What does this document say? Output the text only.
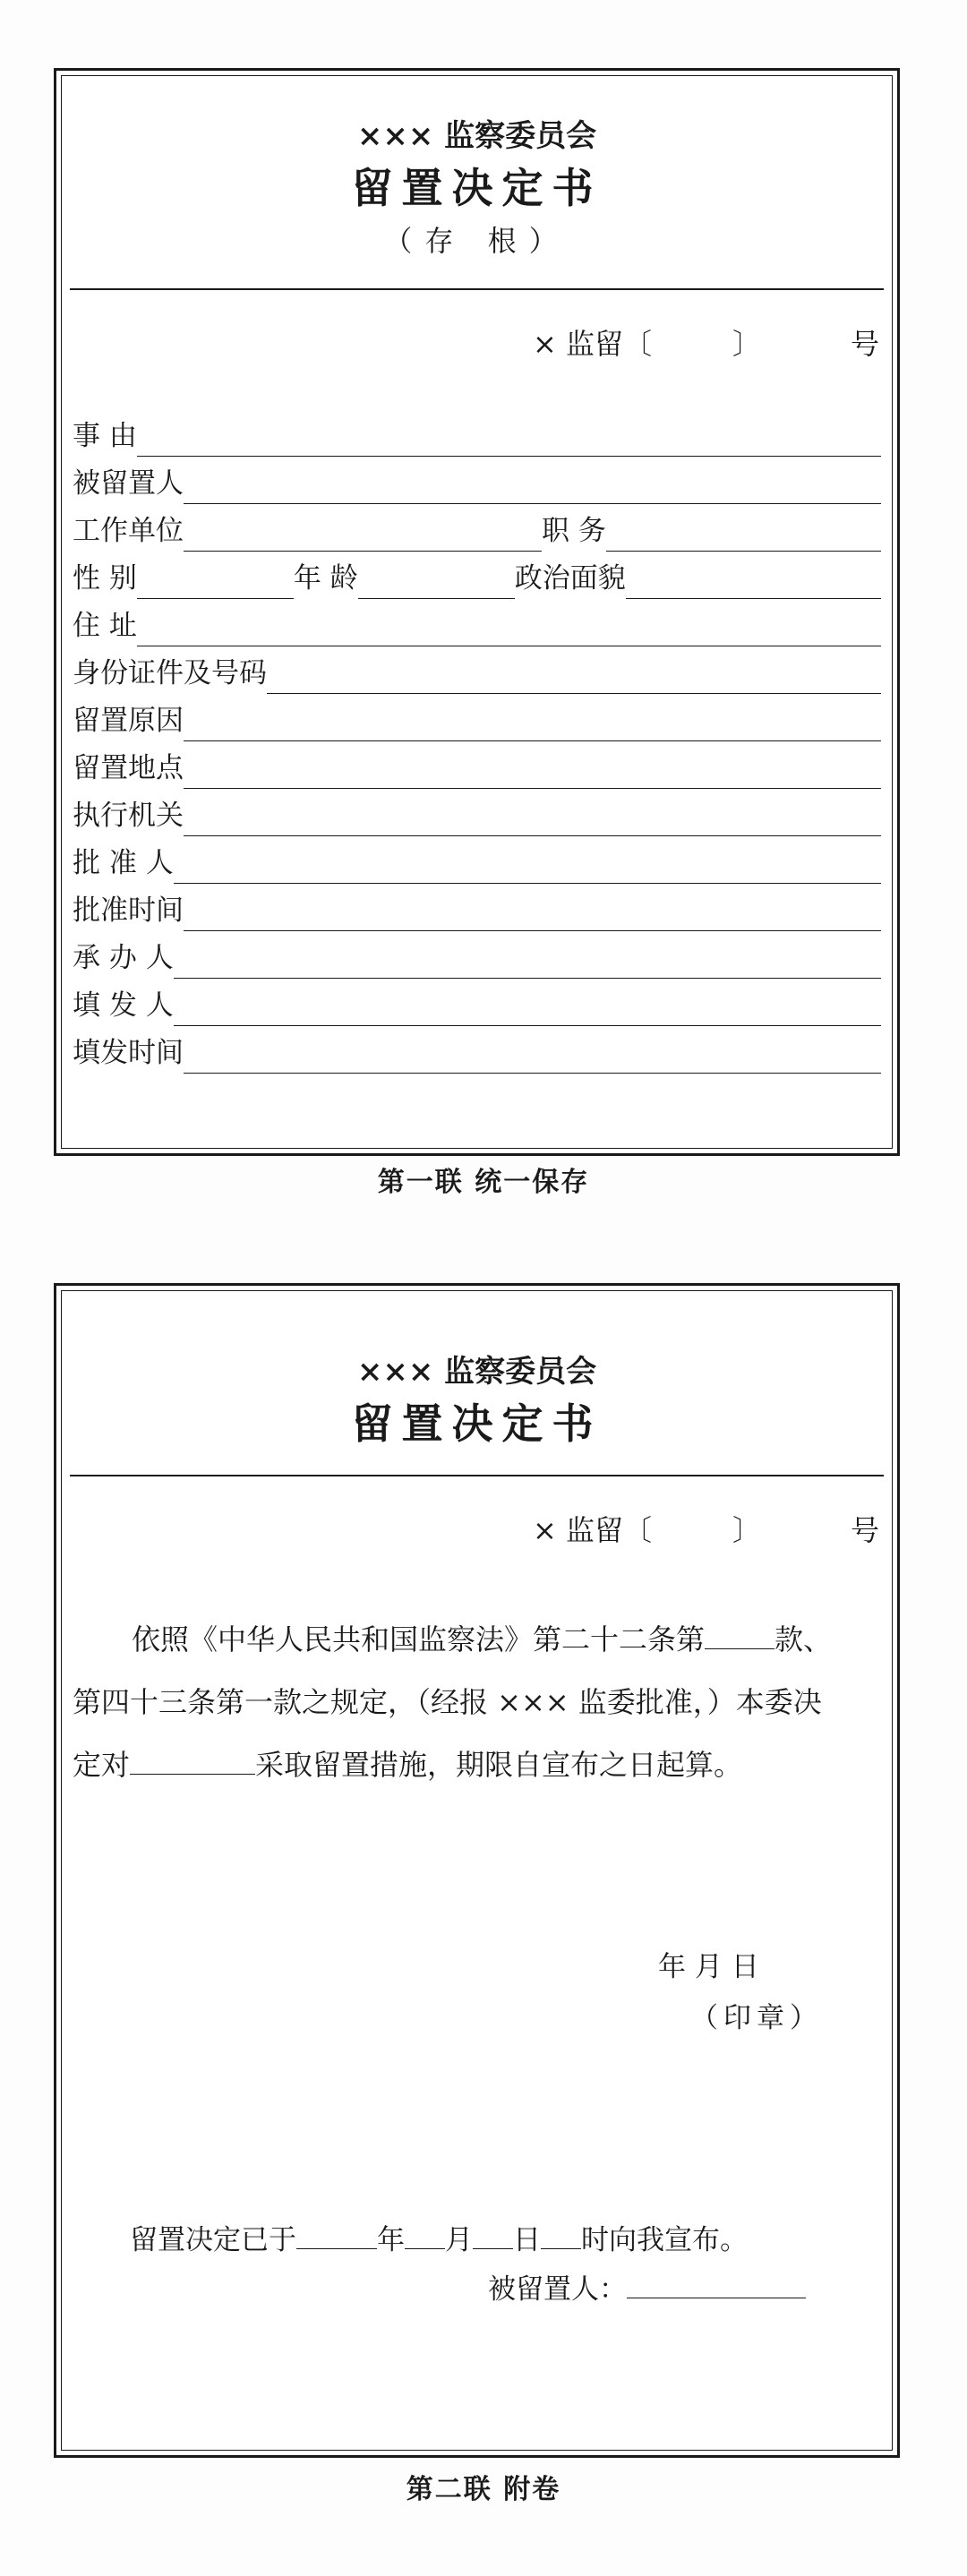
××× 监察委员会
留置决定书
（存 根）
× 监留〔	〕	号
事 由
被留置人
工作单位	职 务
性 别	年 龄	政治面貌
住 址
身份证件及号码
留置原因
留置地点
执行机关
批 准 人
批准时间
承 办 人
填 发 人
填发时间
第一联 统一保存
××× 监察委员会
留置决定书
× 监留〔	〕	号
依照《中华人民共和国监察法》第二十二条第 款、
第四十三条第一款之规定，（经报 ××× 监委批准，）本委决
定对	采取留置措施，期限自宣布之日起算。
年 月 日
（印章）
留置决定已于	年 月 日 时向我宣布。
被留置人：
第二联 附卷
